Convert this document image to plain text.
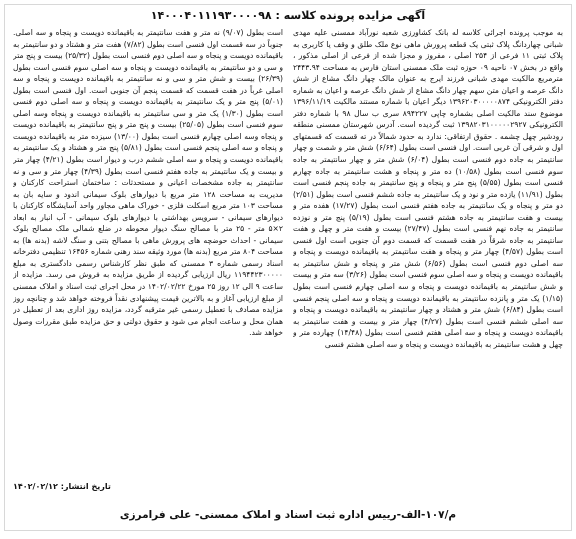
آگهی مزایده پرونده کلاسه : ۱۴۰۰۰۴۰۱۱۱۹۳۰۰۰۰۹۸
به موجب پرونده اجرائی کلاسه له بانک کشاورزی شعبه نورآباد ممسنی علیه مهدی شبانی چهاردانگ پلاک ثبتی یک قطعه پرورش ماهی نوع ملک طلق و وقف یا کاربری به پلاک ثبتی ۱۱ فرعی از ۲۵۴ اصلی ، مفروز و مجزا شده از فرعی از اصلی مذکور ، واقع در بخش ۰۷ ناحیه ۰۹ حوزه ثبت ملک ممسنی استان فارس به مساحت ۲۴۴۳.۹۴ مترمربع مالکیت مهدی شبانی فرزند ایرج به عنوان مالک چهار دانگ مشاع از شش دانگ عرصه و اعیان متن سهم چهار دانگ مشاع از شش دانگ عرصه و اعیان به شماره دفتر الکترونیکی ۱۳۹۶۲۰۳۰۰۰۰۰۸۷۴ دیگر اعیان با شماره مستند مالکیت ۱۳۹۶/۱۱/۱۹ موضوع سند مالکیت اصلی بشماره چاپی ۸۹۴۲۲۷ سری ب سال ۹۸ با شماره دفتر الکترونیکی ۱۳۹۸۲۰۳۱۰۰۰۰۰۲۹۲۷ ثبت گردیده است. آدرس شهرستان ممسنی منطقه رودشیر چهل چشمه . حقوق ارتفاقی: ندارد به حدود شمالاً در ته قسمت که قسمتهای اول و شرقی آن غربی است. اول فنسی است بطول (۶/۶۴) شش متر و شصت و چهار سانتیمتر به جاده دوم فنسی است بطول (۶/۰۴) شش متر و چهار سانتیمتر به جاده سوم فنسی است بطول (۱۰/۵۸) ده متر و پنجاه و هشت سانتیمتر به جاده چهارم فنسی است بطول (۵/۵۵) پنج متر و پنجاه و پنج سانتیمتر به جاده پنجم فنسی است بطول (۱۱/۹۱) یازده متر و نود و یک سانتیمتر به جاده ششم فنسی است بطول (۲/۵۱) دو متر و پنجاه و یک سانتیمتر به جاده هفتم فنسی است بطول (۱۷/۲۷) هفده متر و بیست و هفت سانتیمتر به جاده هشتم فنسی است بطول (۵/۱۹) پنج متر و نوزده سانتیمتر به جاده نهم فنسی است بطول (۲۷/۴۷) بیست و هفت متر و چهل و هفت سانتیمتر به جاده شرقاً در هفت قسمت که قسمت دوم آن جنوبی است اول فنسی است بطول (۴/۵۷) چهار متر و پنجاه و هفت سانتیمتر به باقیمانده دویست و پنجاه و سه اصلی دوم فنسی است بطول (۶/۵۶) شش متر و پنجاه و شش سانتیمتر به باقیمانده دویست و پنجاه و سه اصلی سوم فنسی است بطول (۳/۲۶) سه متر و بیست و شش سانتیمتر به باقیمانده دویست و پنجاه و سه اصلی چهارم فنسی است بطول (۱/۱۵) یک متر و پانزده سانتیمتر به باقیمانده دویست و پنجاه و سه اصلی پنجم فنسی است بطول (۶/۸۴) شش متر و هشتاد و چهار سانتیمتر به باقیمانده دویست و پنجاه و سه اصلی ششم فنسی است بطول (۴/۲۷) چهار متر و بیست و هفت سانتیمتر به باقیمانده دویست و پنجاه و سه اصلی هفتم فنسی است بطول (۱۴/۴۸) چهارده متر و چهل و هشت سانتیمتر به باقیمانده دویست و پنجاه و سه اصلی هشتم فنسی
است بطول (۹/۰۷) نه متر و هفت سانتیمتر به باقیمانده دویست و پنجاه و سه اصلی. جنوباً در سه قسمت اول فنسی است بطول (۷/۸۲) هفت متر و هشتاد و دو سانتیمتر به باقیمانده دویست و پنجاه و سه اصلی دوم فنسی است بطول (۲۵/۳۲) بیست و پنج متر و سی و دو سانتیمتر به باقیمانده دویست و پنجاه و سه اصلی سوم فنسی است بطول (۲۶/۳۹) بیست و شش متر و سی و نه سانتیمتر به باقیمانده دویست و پنجاه و سه اصلی غرباً در هفت قسمت که قسمت پنجم آن جنوبی است. اول فنسی است بطول (۵/۰۱) پنج متر و یک سانتیمتر به باقیمانده دویست و پنجاه و سه اصلی دوم فنسی است بطول (۱/۳۰) یک متر و سی سانتیمتر به باقیمانده دویست و پنجاه وسه اصلی سوم فنسی است بطول (۲۵/۰۵) بیست و پنج متر و پنج سانتیمتر به باقیمانده دویست و پنجاه وسه اصلی چهارم فنسی است بطول (۱۳/۰۰) سیزده متر به باقیمانده دویست و پنجاه و سه اصلی پنجم فنسی است بطول (۵/۸۱) پنج متر و هشتاد و یک سانتیمتر به باقیمانده دویست و پنجاه و سه اصلی ششم درب و دیوار است بطول (۴/۲۱) چهار متر و بیست و یک سانتیمتر به جاده هفتم فنسی است بطول (۴/۳۹) چهار متر و سی و نه سانتیمتر به جاده مشخصات اعیانی و مستحدثات : ساختمان استراحت کارکنان و مدیریت به مساحت ۱۲۸ متر مربع با دیوارهای بلوک سیمانی اندود و سایه بان به مساحت ۱۰۳ متر مربع اسکلت فلزی - خوراک ماهی مجاور واحد آسایشگاه کارکنان با دیوارهای سیمانی - سرویس بهداشتی با دیوارهای بلوک سیمانی - آب انبار به ابعاد ۲×۵ متر - ۲۵ متر با مصالح سنگ دیوار محوطه در ضلع شمالی ملک مصالح بلوک سیمانی - احداث حوضچه های پرورش ماهی با مصالح بتنی و سنگ لاشه (بدنه ها) به مساحت ۸۰۴ متر مربع (بدنه ها) مورد وثیقه سند رهنی شماره ۱۶۴۵۶ تنظیمی دفترخانه اسناد رسمی شماره ۳ ممسنی که طبق نظر کارشناس رسمی دادگستری به مبلغ ۱۱۹۴۴۲۳۰۰۰۰۰ ریال ارزیابی گردیده از طریق مزایده به فروش می رسد. مزایده از ساعت ۹ الی ۱۲ روز ۲۵ مورخ ۱۴۰۲/۰۲/۲۲ در محل اجرای ثبت اسناد و املاک ممسنی از مبلغ ارزیابی آغاز و به بالاترین قیمت پیشنهادی نقداً فروخته خواهد شد و چنانچه روز مزایده مصادف با تعطیل رسمی غیر مترقبه گردد، مزایده روز اداری بعد از تعطیل در همان محل و ساعت انجام می شود و حقوق دولتی و حق مزایده طبق مقررات وصول خواهد شد.
تاریخ انتشار: ۱۴۰۲/۰۲/۱۲
م/۱۰۷-الف-رییس اداره ثبت اسناد و املاک ممسنی- علی فرامرزی
